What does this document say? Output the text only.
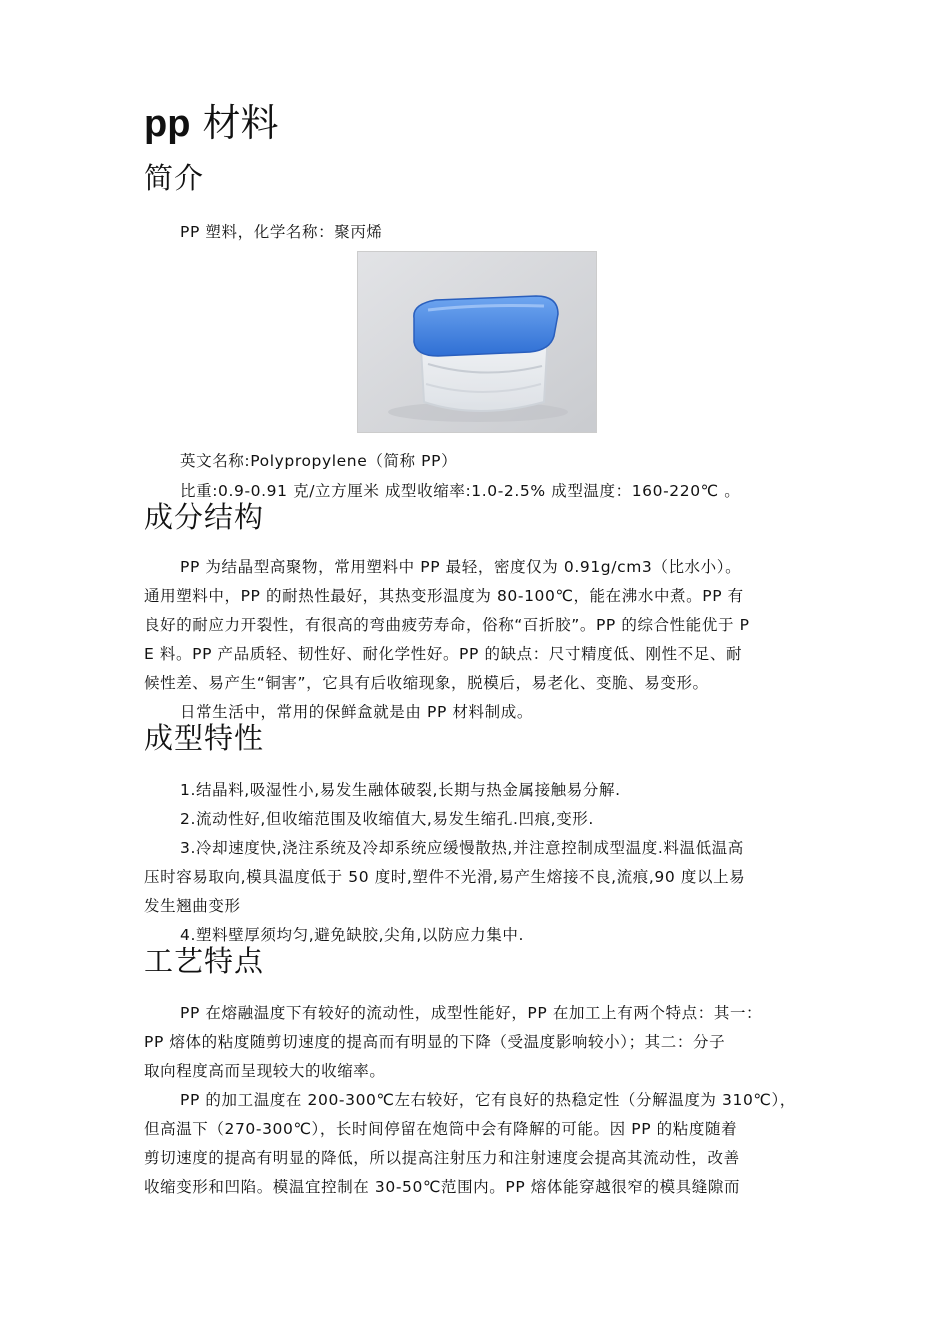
pp 材料
简介

PP 塑料，化学名称：聚丙烯

英文名称:Polypropylene（简称 PP）

比重:0.9-0.91 克/立方厘米 成型收缩率:1.0-2.5% 成型温度：160-220℃ 。

成分结构

PP 为结晶型高聚物，常用塑料中 PP 最轻，密度仅为 0.91g/cm3（比水小）。

通用塑料中，PP 的耐热性最好，其热变形温度为 80-100℃，能在沸水中煮。PP 有

良好的耐应力开裂性，有很高的弯曲疲劳寿命，俗称“百折胶”。PP 的综合性能优于 P

E 料。PP 产品质轻、韧性好、耐化学性好。PP 的缺点：尺寸精度低、刚性不足、耐

候性差、易产生“铜害”，它具有后收缩现象，脱模后，易老化、变脆、易变形。

日常生活中，常用的保鲜盒就是由 PP 材料制成。

成型特性

1.结晶料,吸湿性小,易发生融体破裂,长期与热金属接触易分解.

2.流动性好,但收缩范围及收缩值大,易发生缩孔.凹痕,变形.

3.冷却速度快,浇注系统及冷却系统应缓慢散热,并注意控制成型温度.料温低温高

压时容易取向,模具温度低于 50 度时,塑件不光滑,易产生熔接不良,流痕,90 度以上易

发生翘曲变形

4.塑料壁厚须均匀,避免缺胶,尖角,以防应力集中.

工艺特点

PP 在熔融温度下有较好的流动性，成型性能好，PP 在加工上有两个特点：其一：

PP 熔体的粘度随剪切速度的提高而有明显的下降（受温度影响较小）；其二：分子

取向程度高而呈现较大的收缩率。

PP 的加工温度在 200-300℃左右较好，它有良好的热稳定性（分解温度为 310℃），

但高温下（270-300℃），长时间停留在炮筒中会有降解的可能。因 PP 的粘度随着

剪切速度的提高有明显的降低，所以提高注射压力和注射速度会提高其流动性，改善

收缩变形和凹陷。模温宜控制在 30-50℃范围内。PP 熔体能穿越很窄的模具缝隙而
